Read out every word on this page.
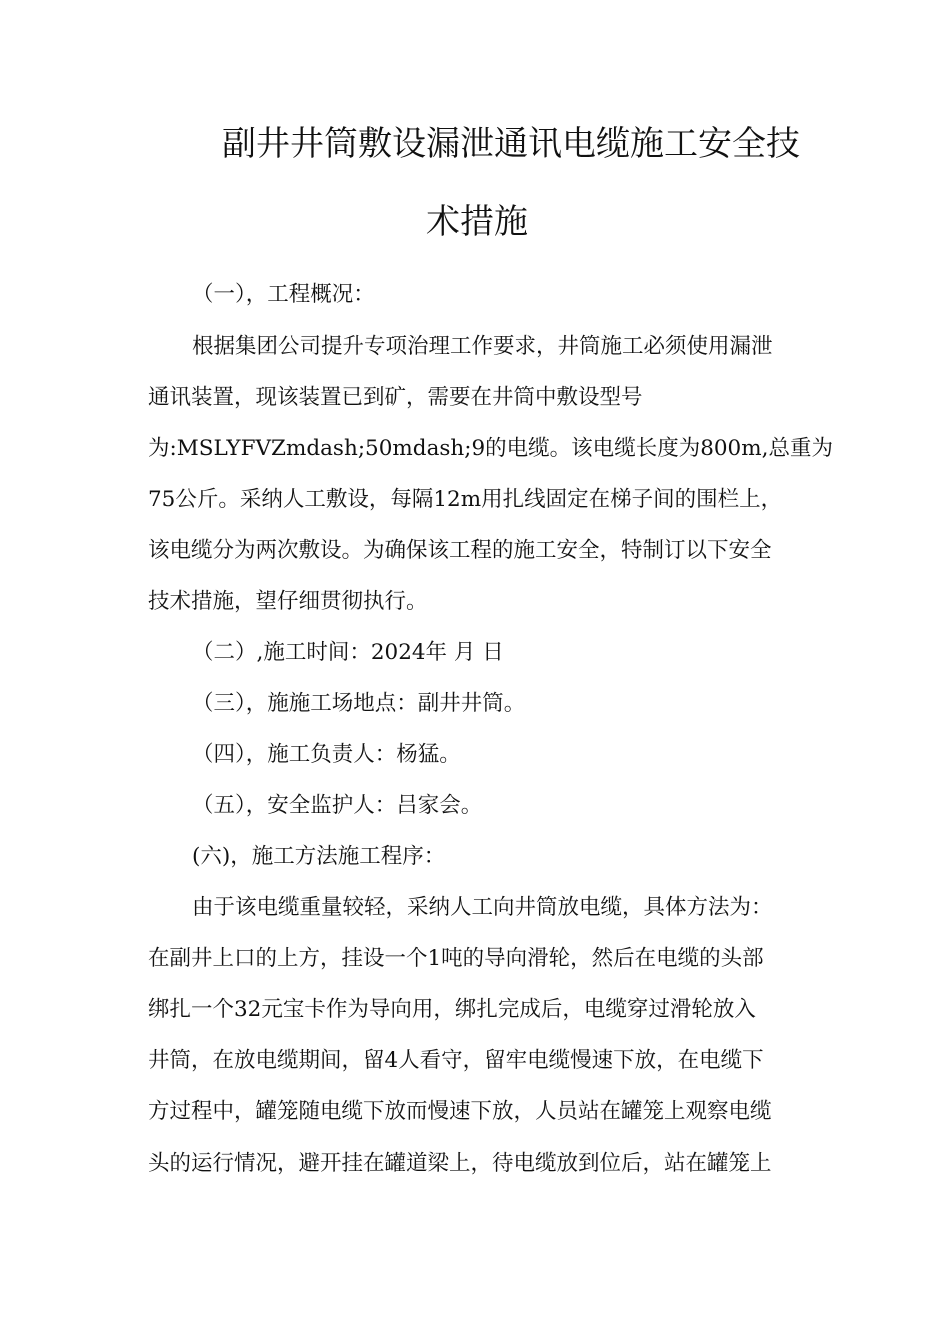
副井井筒敷设漏泄通讯电缆施工安全技
术措施
（一），工程概况：
根据集团公司提升专项治理工作要求，井筒施工必须使用漏泄
通讯装置，现该装置已到矿，需要在井筒中敷设型号
为:MSLYFVZmdash;50mdash;9的电缆。该电缆长度为800m,总重为
75公斤。采纳人工敷设，每隔12m用扎线固定在梯子间的围栏上，
该电缆分为两次敷设。为确保该工程的施工安全，特制订以下安全
技术措施，望仔细贯彻执行。
（二）,施工时间：2024年 月 日
（三），施施工场地点：副井井筒。
（四），施工负责人：杨猛。
（五），安全监护人：吕家会。
(六)，施工方法施工程序：
由于该电缆重量较轻，采纳人工向井筒放电缆，具体方法为：
在副井上口的上方，挂设一个1吨的导向滑轮，然后在电缆的头部
绑扎一个32元宝卡作为导向用，绑扎完成后，电缆穿过滑轮放入
井筒，在放电缆期间，留4人看守，留牢电缆慢速下放，在电缆下
方过程中，罐笼随电缆下放而慢速下放，人员站在罐笼上观察电缆
头的运行情况，避开挂在罐道梁上，待电缆放到位后，站在罐笼上
